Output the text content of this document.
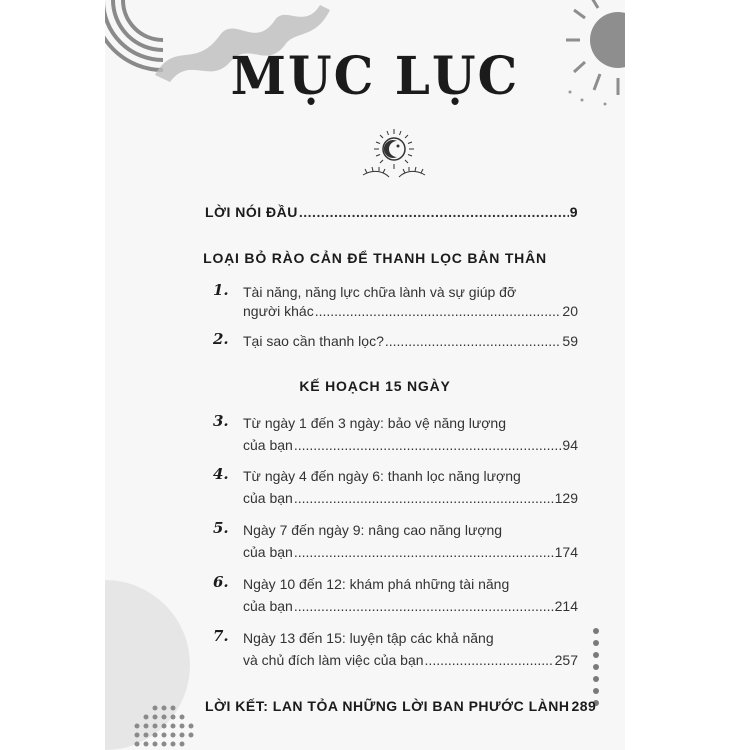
MỤC LỤC
LỜI NÓI ĐẦU .....	9
LOẠI BỎ RÀO CẢN ĐỂ THANH LỌC BẢN THÂN
1. Tài năng, năng lực chữa lành và sự giúp đỡ
người khác .....	20
2. Tại sao cần thanh lọc? .....	59
KẾ HOẠCH 15 NGÀY
3. Từ ngày 1 đến 3 ngày: bảo vệ năng lượng
của bạn .....	94
4. Từ ngày 4 đến ngày 6: thanh lọc năng lượng
của bạn .....	129
5. Ngày 7 đến ngày 9: nâng cao năng lượng
của bạn .....	174
6. Ngày 10 đến 12: khám phá những tài năng
của bạn .....	214
7. Ngày 13 đến 15: luyện tập các khả năng
và chủ đích làm việc của bạn .....	257
LỜI KẾT: LAN TỎA NHỮNG LỜI BAN PHƯỚC LÀNH 289
